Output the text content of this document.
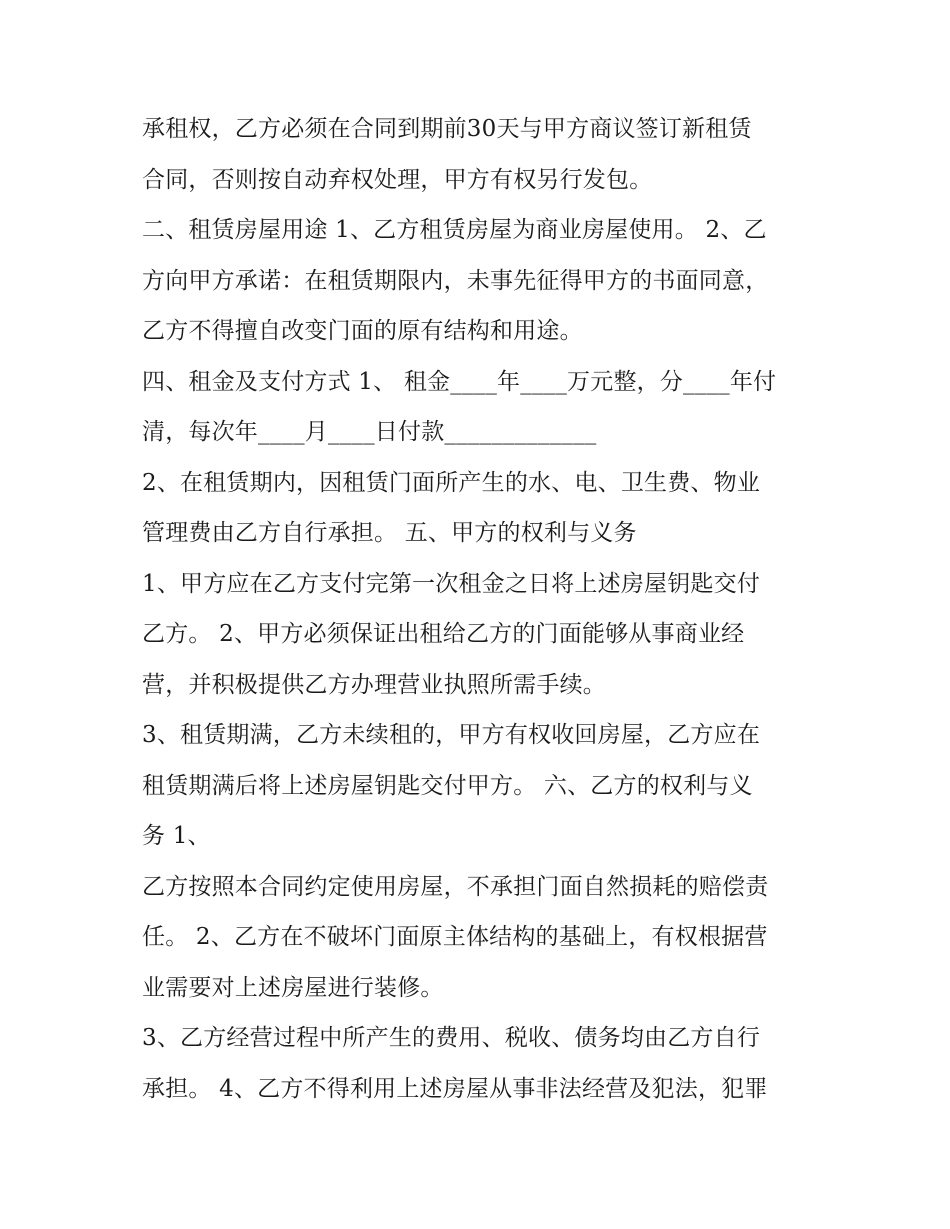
承租权，乙方必须在合同到期前30天与甲方商议签订新租赁
合同，否则按自动弃权处理，甲方有权另行发包。
二、租赁房屋用途 1、乙方租赁房屋为商业房屋使用。 2、乙
方向甲方承诺：在租赁期限内，未事先征得甲方的书面同意，
乙方不得擅自改变门面的原有结构和用途。
四、租金及支付方式 1、 租金____年____万元整，分____年付
清，每次年____月____日付款_____________
2、在租赁期内，因租赁门面所产生的水、电、卫生费、物业
管理费由乙方自行承担。 五、甲方的权利与义务
1、甲方应在乙方支付完第一次租金之日将上述房屋钥匙交付
乙方。 2、甲方必须保证出租给乙方的门面能够从事商业经
营，并积极提供乙方办理营业执照所需手续。
3、租赁期满，乙方未续租的，甲方有权收回房屋，乙方应在
租赁期满后将上述房屋钥匙交付甲方。 六、乙方的权利与义
务 1、
乙方按照本合同约定使用房屋，不承担门面自然损耗的赔偿责
任。 2、乙方在不破坏门面原主体结构的基础上，有权根据营
业需要对上述房屋进行装修。
3、乙方经营过程中所产生的费用、税收、债务均由乙方自行
承担。 4、乙方不得利用上述房屋从事非法经营及犯法，犯罪
